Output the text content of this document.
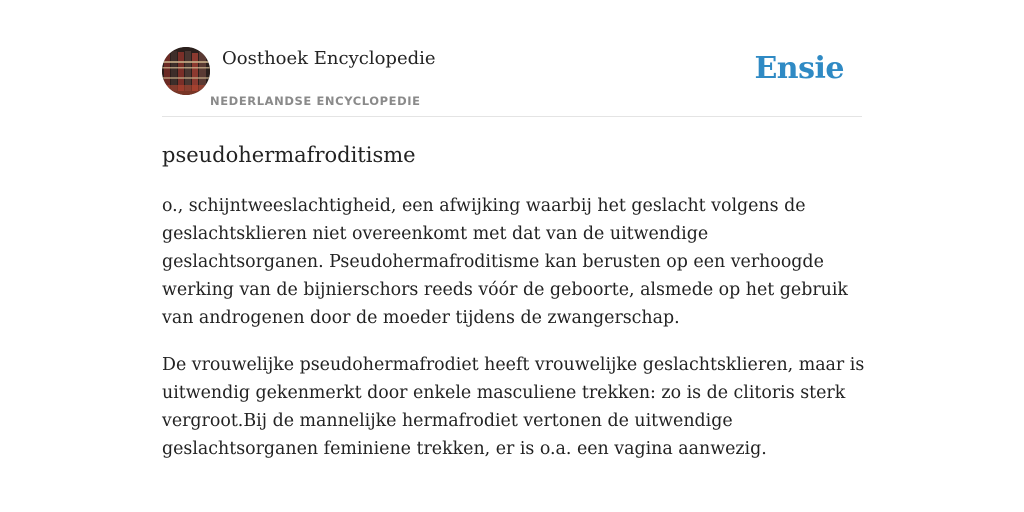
Oosthoek Encyclopedie
NEDERLANDSE ENCYCLOPEDIE
Ensie
pseudohermafroditisme

o., schijntweeslachtigheid, een afwijking waarbij het geslacht volgens de geslachtsklieren niet overeenkomt met dat van de uitwendige geslachtsorganen. Pseudohermafroditisme kan berusten op een verhoogde werking van de bijnierschors reeds vóór de geboorte, alsmede op het gebruik van androgenen door de moeder tijdens de zwangerschap.

De vrouwelijke pseudohermafrodiet heeft vrouwelijke geslachtsklieren, maar is uitwendig gekenmerkt door enkele masculiene trekken: zo is de clitoris sterk vergroot.Bij de mannelijke hermafrodiet vertonen de uitwendige geslachtsorganen feminiene trekken, er is o.a. een vagina aanwezig.
